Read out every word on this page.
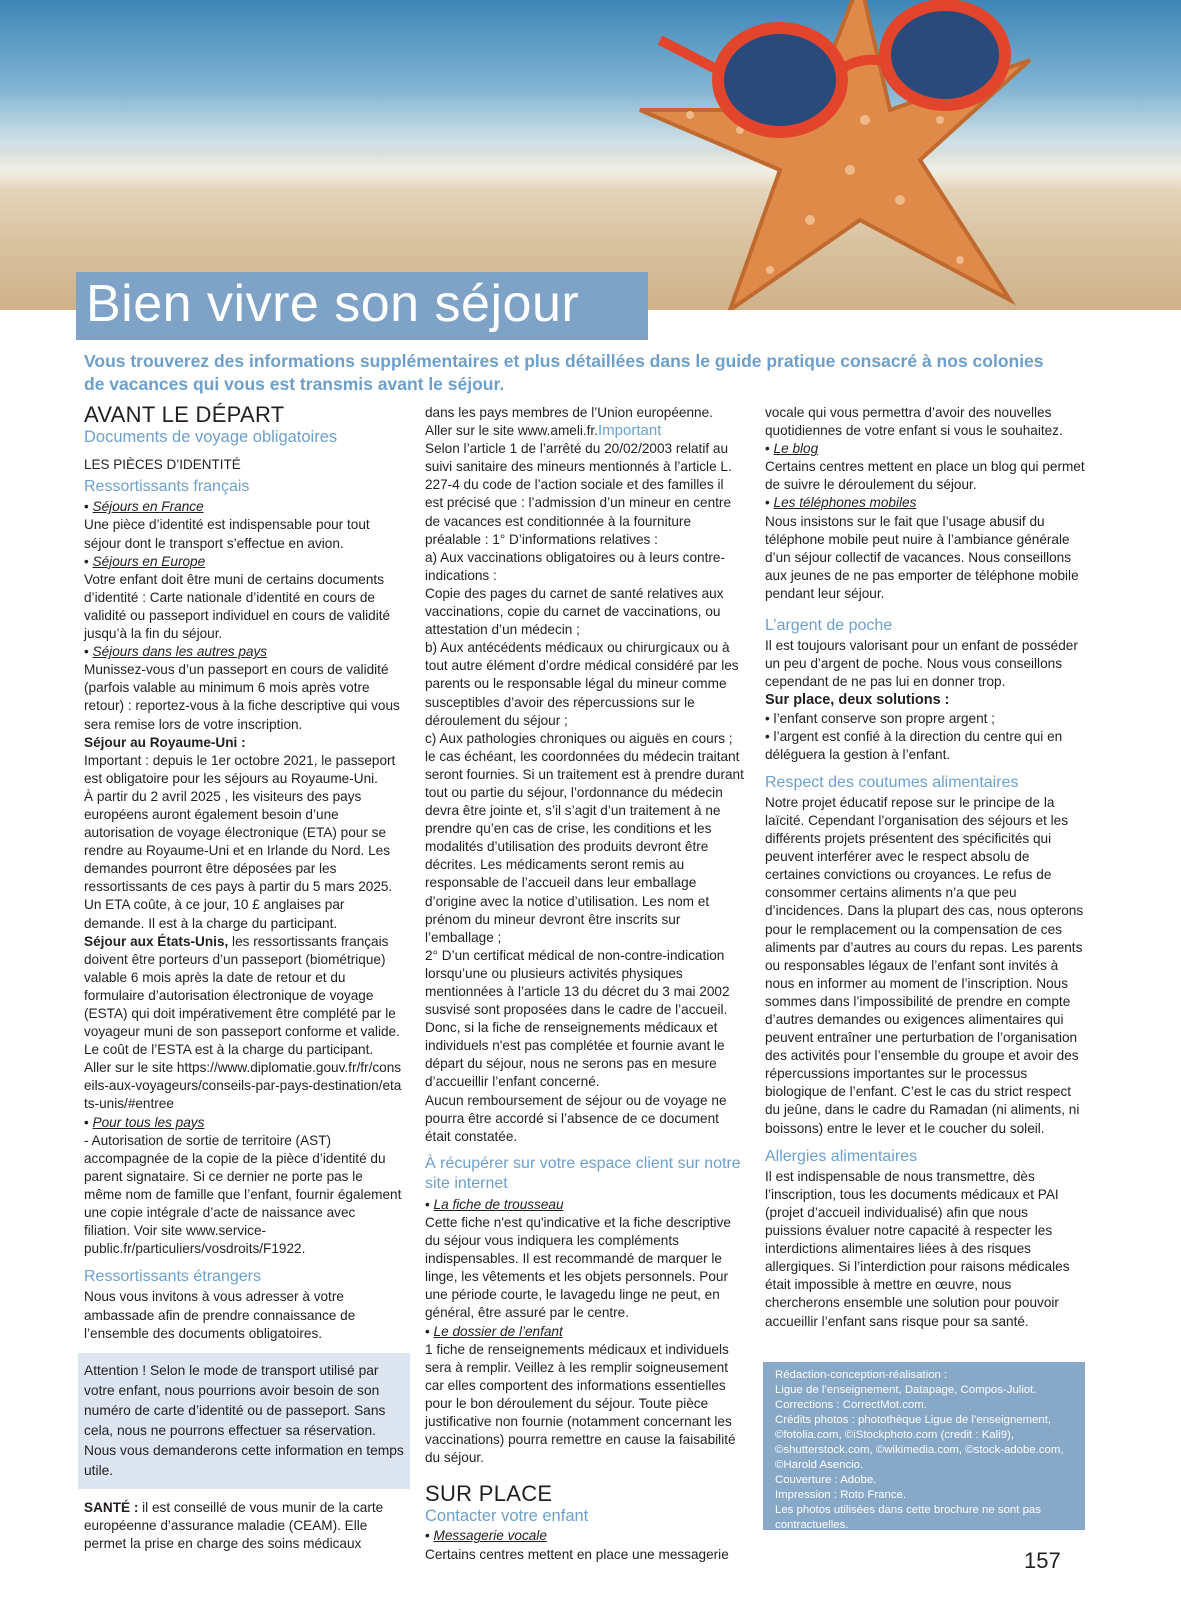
Bien vivre son séjour
Vous trouverez des informations supplémentaires et plus détaillées dans le guide pratique consacré à nos colonies de vacances qui vous est transmis avant le séjour.
AVANT LE DÉPART
Documents de voyage obligatoires
LES PIÈCES D’IDENTITÉ
Ressortissants français

• Séjours en France

Une pièce d’identité est indispensable pour tout séjour dont le transport s’effectue en avion.

• Séjours en Europe

Votre enfant doit être muni de certains documents d’identité : Carte nationale d’identité en cours de validité ou passeport individuel en cours de validité jusqu’à la fin du séjour.

• Séjours dans les autres pays

Munissez-vous d’un passeport en cours de validité (parfois valable au minimum 6 mois après votre retour) : reportez-vous à la fiche descriptive qui vous sera remise lors de votre inscription.

Séjour au Royaume-Uni :

Important : depuis le 1er octobre 2021, le passeport est obligatoire pour les séjours au Royaume-Uni.

À partir du 2 avril 2025 , les visiteurs des pays européens auront également besoin d’une autorisation de voyage électronique (ETA) pour se rendre au Royaume-Uni et en Irlande du Nord. Les demandes pourront être déposées par les ressortissants de ces pays à partir du 5 mars 2025. Un ETA coûte, à ce jour, 10 £ anglaises par demande. Il est à la charge du participant.

Séjour aux États-Unis, les ressortissants français doivent être porteurs d’un passeport (biométrique) valable 6 mois après la date de retour et du formulaire d’autorisation électronique de voyage (ESTA) qui doit impérativement être complété par le voyageur muni de son passeport conforme et valide. Le coût de l’ESTA est à la charge du participant.

Aller sur le site https://www.diplomatie.gouv.fr/fr/conseils-aux-voyageurs/conseils-par-pays-destination/etats-unis/#entree

• Pour tous les pays

- Autorisation de sortie de territoire (AST) accompagnée de la copie de la pièce d’identité du parent signataire. Si ce dernier ne porte pas le même nom de famille que l’enfant, fournir également une copie intégrale d’acte de naissance avec filiation. Voir site www.service-public.fr/particuliers/vosdroits/F1922.

Ressortissants étrangers

Nous vous invitons à vous adresser à votre ambassade afin de prendre connaissance de l’ensemble des documents obligatoires.

Attention ! Selon le mode de transport utilisé par votre enfant, nous pourrions avoir besoin de son numéro de carte d’identité ou de passeport. Sans cela, nous ne pourrons effectuer sa réservation. Nous vous demanderons cette information en temps utile.

SANTÉ : il est conseillé de vous munir de la carte européenne d’assurance maladie (CEAM). Elle permet la prise en charge des soins médicaux

dans les pays membres de l’Union européenne.

Aller sur le site www.ameli.fr.Important

Selon l’article 1 de l’arrêté du 20/02/2003 relatif au suivi sanitaire des mineurs mentionnés à l’article L. 227-4 du code de l’action sociale et des familles il est précisé que : l’admission d’un mineur en centre de vacances est conditionnée à la fourniture préalable : 1° D’informations relatives :

a) Aux vaccinations obligatoires ou à leurs contre-indications :

Copie des pages du carnet de santé relatives aux vaccinations, copie du carnet de vaccinations, ou attestation d’un médecin ;

b) Aux antécédents médicaux ou chirurgicaux ou à tout autre élément d’ordre médical considéré par les parents ou le responsable légal du mineur comme susceptibles d’avoir des répercussions sur le déroulement du séjour ;

c) Aux pathologies chroniques ou aiguës en cours ; le cas échéant, les coordonnées du médecin traitant seront fournies. Si un traitement est à prendre durant tout ou partie du séjour, l’ordonnance du médecin devra être jointe et, s’il s’agit d’un traitement à ne prendre qu’en cas de crise, les conditions et les modalités d’utilisation des produits devront être décrites. Les médicaments seront remis au responsable de l’accueil dans leur emballage d’origine avec la notice d’utilisation. Les nom et prénom du mineur devront être inscrits sur l’emballage ;

2° D’un certificat médical de non-contre-indication lorsqu’une ou plusieurs activités physiques mentionnées à l’article 13 du décret du 3 mai 2002 susvisé sont proposées dans le cadre de l’accueil.

Donc, si la fiche de renseignements médicaux et individuels n'est pas complétée et fournie avant le départ du séjour, nous ne serons pas en mesure d’accueillir l’enfant concerné.

Aucun remboursement de séjour ou de voyage ne pourra être accordé si l’absence de ce document était constatée.

À récupérer sur votre espace client sur notre site internet

• La fiche de trousseau

Cette fiche n'est qu'indicative et la fiche descriptive du séjour vous indiquera les compléments indispensables. Il est recommandé de marquer le linge, les vêtements et les objets personnels. Pour une période courte, le lavagedu linge ne peut, en général, être assuré par le centre.

• Le dossier de l’enfant

1 fiche de renseignements médicaux et individuels sera à remplir. Veillez à les remplir soigneusement car elles comportent des informations essentielles pour le bon déroulement du séjour. Toute pièce justificative non fournie (notamment concernant les vaccinations) pourra remettre en cause la faisabilité du séjour.

SUR PLACE
Contacter votre enfant

• Messagerie vocale

Certains centres mettent en place une messagerie

vocale qui vous permettra d’avoir des nouvelles quotidiennes de votre enfant si vous le souhaitez.

• Le blog

Certains centres mettent en place un blog qui permet de suivre le déroulement du séjour.

• Les téléphones mobiles

Nous insistons sur le fait que l’usage abusif du téléphone mobile peut nuire à l’ambiance générale d’un séjour collectif de vacances. Nous conseillons aux jeunes de ne pas emporter de téléphone mobile pendant leur séjour.

L’argent de poche

Il est toujours valorisant pour un enfant de posséder un peu d’argent de poche. Nous vous conseillons cependant de ne pas lui en donner trop.

Sur place, deux solutions :

• l’enfant conserve son propre argent ;

• l’argent est confié à la direction du centre qui en déléguera la gestion à l’enfant.

Respect des coutumes alimentaires

Notre projet éducatif repose sur le principe de la laïcité. Cependant l’organisation des séjours et les différents projets présentent des spécificités qui peuvent interférer avec le respect absolu de certaines convictions ou croyances. Le refus de consommer certains aliments n’a que peu d’incidences. Dans la plupart des cas, nous opterons pour le remplacement ou la compensation de ces aliments par d’autres au cours du repas. Les parents ou responsables légaux de l’enfant sont invités à nous en informer au moment de l’inscription. Nous sommes dans l’impossibilité de prendre en compte d’autres demandes ou exigences alimentaires qui peuvent entraîner une perturbation de l’organisation des activités pour l’ensemble du groupe et avoir des répercussions importantes sur le processus biologique de l’enfant. C’est le cas du strict respect du jeûne, dans le cadre du Ramadan (ni aliments, ni boissons) entre le lever et le coucher du soleil.

Allergies alimentaires

Il est indispensable de nous transmettre, dès l’inscription, tous les documents médicaux et PAI (projet d’accueil individualisé) afin que nous puissions évaluer notre capacité à respecter les interdictions alimentaires liées à des risques allergiques. Si l’interdiction pour raisons médicales était impossible à mettre en œuvre, nous chercherons ensemble une solution pour pouvoir accueillir l’enfant sans risque pour sa santé.

Rédaction-conception-réalisation :

Ligue de l’enseignement, Datapage, Compos-Juliot.

Corrections : CorrectMot.com.

Crédits photos : photothèque Ligue de l’enseignement, ©fotolia.com, ©iStockphoto.com (credit : Kali9), ©shutterstock.com, ©wikimedia.com, ©stock-adobe.com, ©Harold Asencio.

Couverture : Adobe.

Impression : Roto France.

Les photos utilisées dans cette brochure ne sont pas contractuelles.

157
